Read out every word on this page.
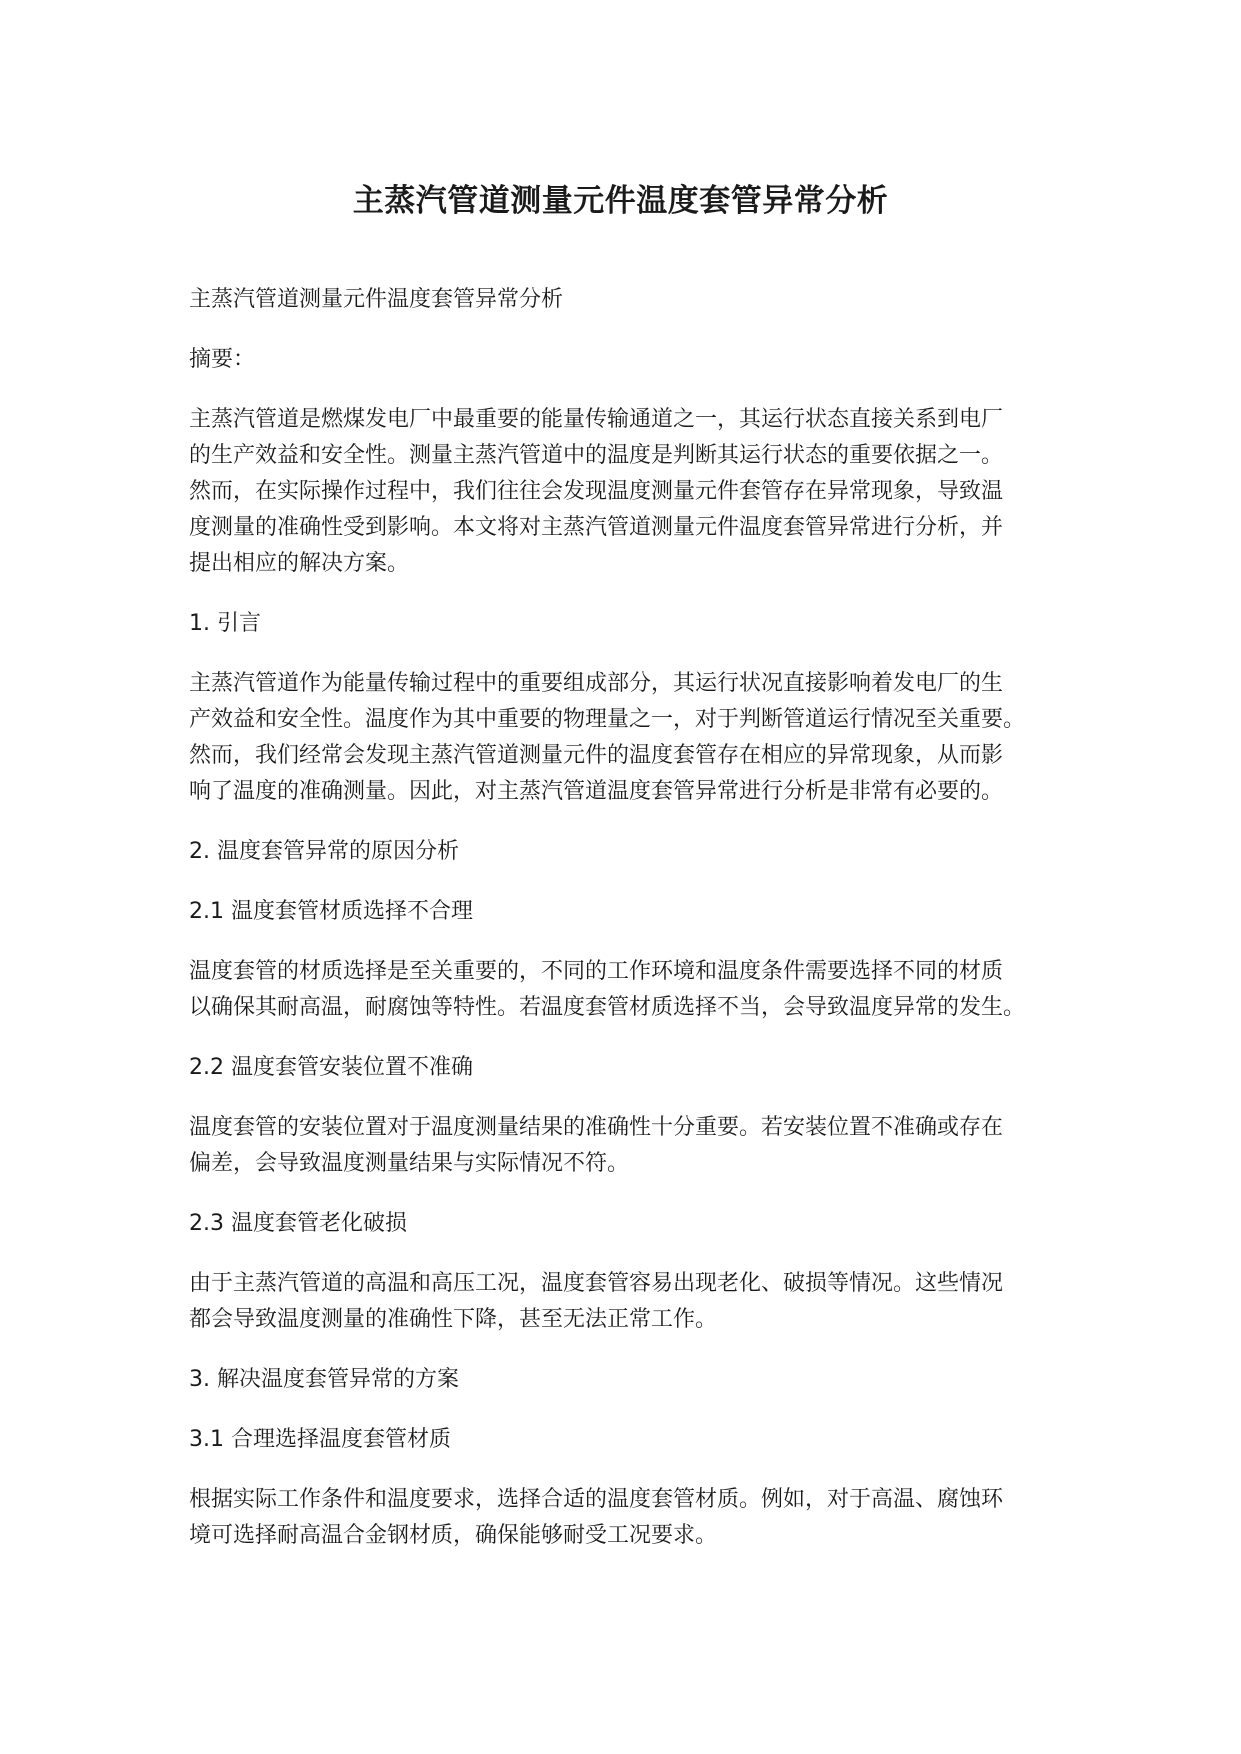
主蒸汽管道测量元件温度套管异常分析

主蒸汽管道测量元件温度套管异常分析

摘要：

主蒸汽管道是燃煤发电厂中最重要的能量传输通道之一，其运行状态直接关系到电厂
的生产效益和安全性。测量主蒸汽管道中的温度是判断其运行状态的重要依据之一。
然而，在实际操作过程中，我们往往会发现温度测量元件套管存在异常现象，导致温
度测量的准确性受到影响。本文将对主蒸汽管道测量元件温度套管异常进行分析，并
提出相应的解决方案。

1. 引言

主蒸汽管道作为能量传输过程中的重要组成部分，其运行状况直接影响着发电厂的生
产效益和安全性。温度作为其中重要的物理量之一，对于判断管道运行情况至关重要。
然而，我们经常会发现主蒸汽管道测量元件的温度套管存在相应的异常现象，从而影
响了温度的准确测量。因此，对主蒸汽管道温度套管异常进行分析是非常有必要的。

2. 温度套管异常的原因分析

2.1 温度套管材质选择不合理

温度套管的材质选择是至关重要的，不同的工作环境和温度条件需要选择不同的材质
以确保其耐高温，耐腐蚀等特性。若温度套管材质选择不当，会导致温度异常的发生。

2.2 温度套管安装位置不准确

温度套管的安装位置对于温度测量结果的准确性十分重要。若安装位置不准确或存在
偏差，会导致温度测量结果与实际情况不符。

2.3 温度套管老化破损

由于主蒸汽管道的高温和高压工况，温度套管容易出现老化、破损等情况。这些情况
都会导致温度测量的准确性下降，甚至无法正常工作。

3. 解决温度套管异常的方案

3.1 合理选择温度套管材质

根据实际工作条件和温度要求，选择合适的温度套管材质。例如，对于高温、腐蚀环
境可选择耐高温合金钢材质，确保能够耐受工况要求。
